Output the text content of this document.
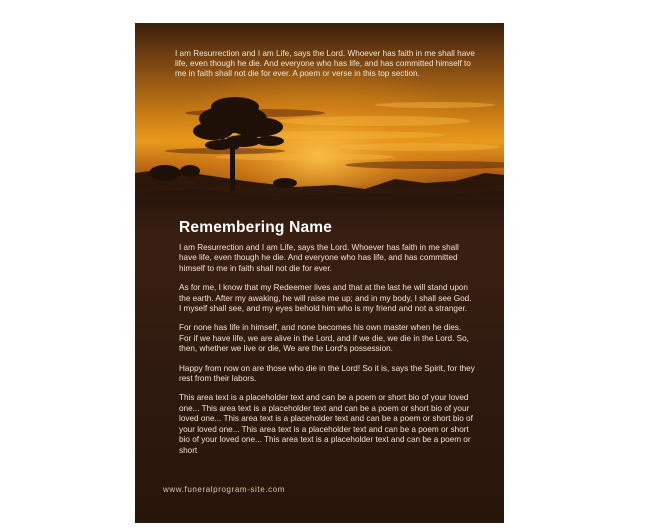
I am Resurrection and I am Life, says the Lord. Whoever has faith in me shall have life, even though he die. And everyone who has life, and has committed himself to me in faith shall not die for ever. A poem or verse in this top section.
Remembering Name

I am Resurrection and I am Life, says the Lord. Whoever has faith in me shall have life, even though he die. And everyone who has life, and has committed himself to me in faith shall not die for ever.

As for me, I know that my Redeemer lives and that at the last he will stand upon the earth. After my awaking, he will raise me up; and in my body, I shall see God. I myself shall see, and my eyes behold him who is my friend and not a stranger.

For none has life in himself, and none becomes his own master when he dies. For if we have life, we are alive in the Lord, and if we die, we die in the Lord. So, then, whether we live or die, We are the Lord's possession.

Happy from now on are those who die in the Lord! So it is, says the Spirit, for they rest from their labors.

This area text is a placeholder text and can be a poem or short bio of your loved one... This area text is a placeholder text and can be a poem or short bio of your loved one... This area text is a placeholder text and can be a poem or short bio of your loved one... This area text is a placeholder text and can be a poem or short bio of your loved one... This area text is a placeholder text and can be a poem or short

www.funeralprogram-site.com
